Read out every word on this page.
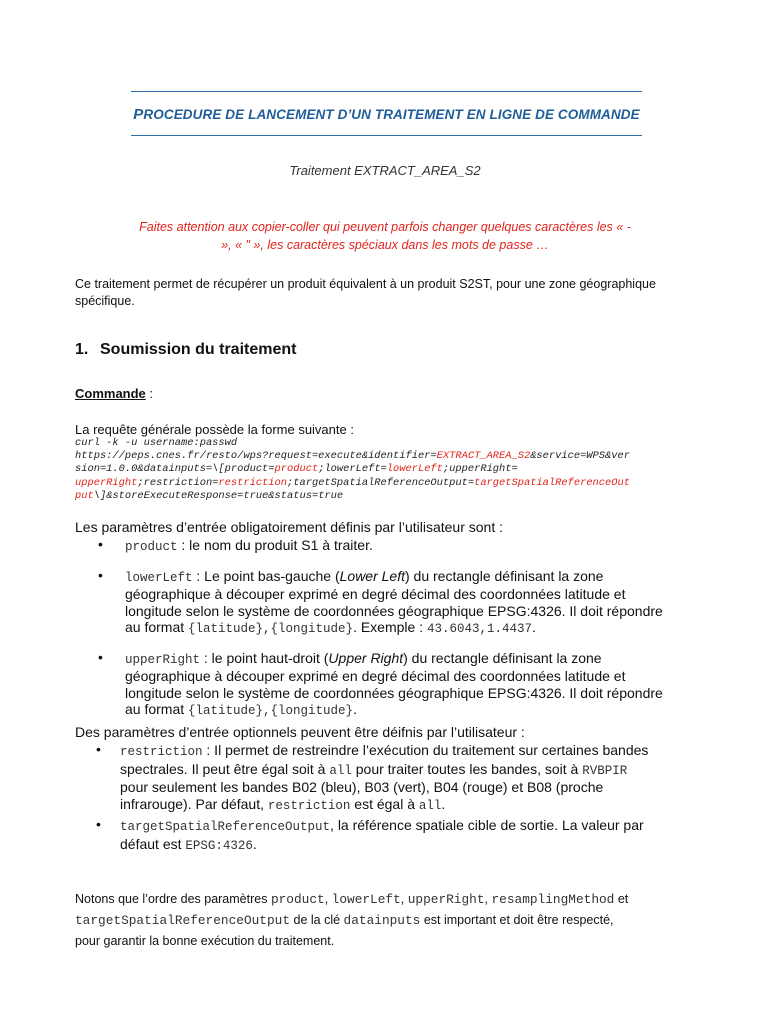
PROCEDURE DE LANCEMENT D’UN TRAITEMENT EN LIGNE DE COMMANDE
Traitement EXTRACT_AREA_S2
Faites attention aux copier-coller qui peuvent parfois changer quelques caractères les « -
», « " », les caractères spéciaux dans les mots de passe …
Ce traitement permet de récupérer un produit équivalent à un produit S2ST, pour une zone géographique
spécifique.
1. Soumission du traitement
Commande :
La requête générale possède la forme suivante :
curl -k -u username:passwd
https://peps.cnes.fr/resto/wps?request=execute&identifier=EXTRACT_AREA_S2&service=WPS&ver
sion=1.0.0&datainputs=\[product=product;lowerLeft=lowerLeft;upperRight=
upperRight;restriction=restriction;targetSpatialReferenceOutput=targetSpatialReferenceOut
put\]&storeExecuteResponse=true&status=true
Les paramètres d’entrée obligatoirement définis par l’utilisateur sont :
• product : le nom du produit S1 à traiter.
• lowerLeft : Le point bas-gauche (Lower Left) du rectangle définisant la zone
géographique à découper exprimé en degré décimal des coordonnées latitude et
longitude selon le système de coordonnées géographique EPSG:4326. Il doit répondre
au format {latitude},{longitude}. Exemple : 43.6043,1.4437.
• upperRight : le point haut-droit (Upper Right) du rectangle définisant la zone
géographique à découper exprimé en degré décimal des coordonnées latitude et
longitude selon le système de coordonnées géographique EPSG:4326. Il doit répondre
au format {latitude},{longitude}.
Des paramètres d’entrée optionnels peuvent être déifnis par l’utilisateur :
• restriction : Il permet de restreindre l’exécution du traitement sur certaines bandes
spectrales. Il peut être égal soit à all pour traiter toutes les bandes, soit à RVBPIR
pour seulement les bandes B02 (bleu), B03 (vert), B04 (rouge) et B08 (proche
infrarouge). Par défaut, restriction est égal à all.
• targetSpatialReferenceOutput, la référence spatiale cible de sortie. La valeur par
défaut est EPSG:4326.
Notons que l’ordre des paramètres product, lowerLeft, upperRight, resamplingMethod et
targetSpatialReferenceOutput de la clé datainputs est important et doit être respecté,
pour garantir la bonne exécution du traitement.
